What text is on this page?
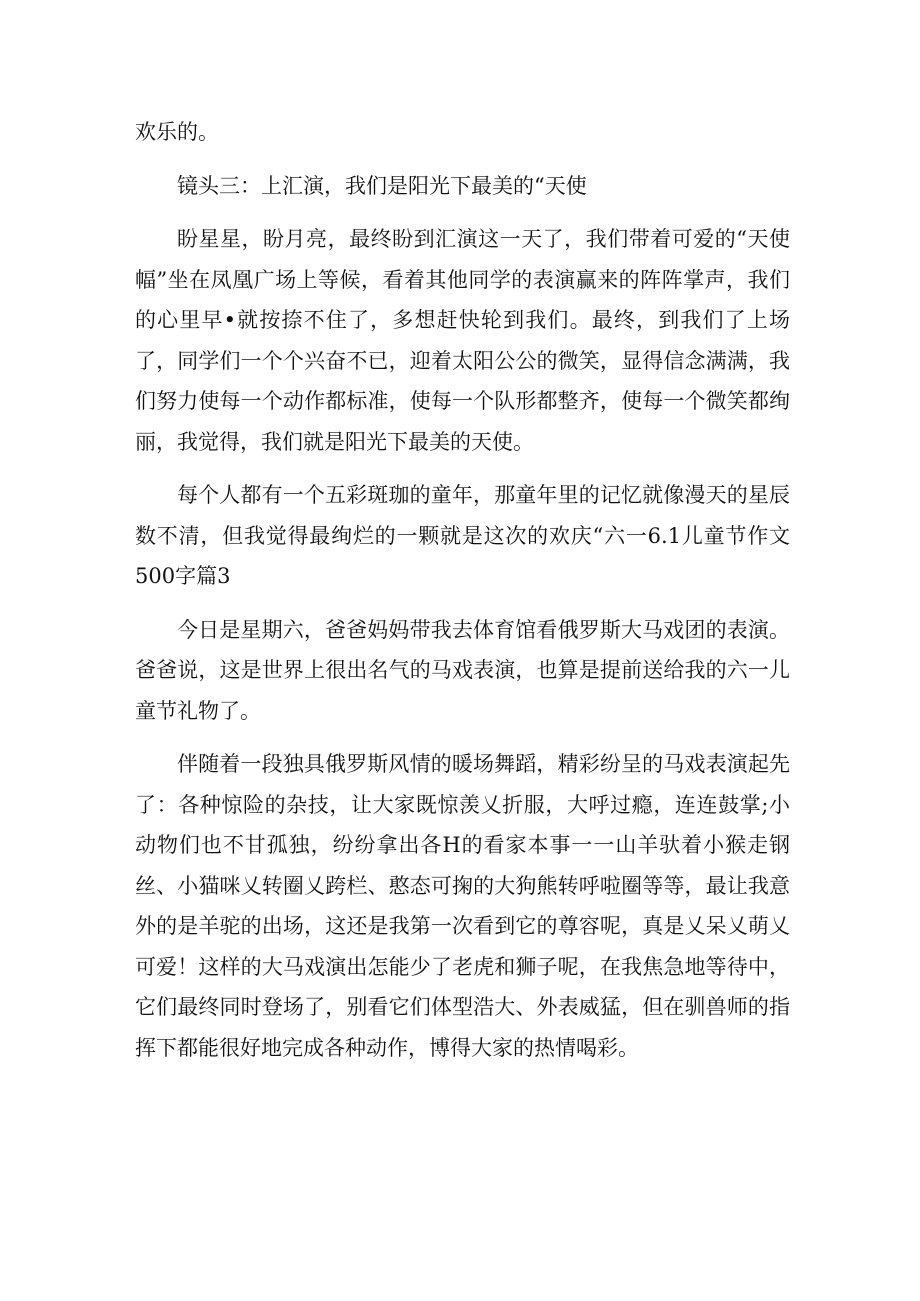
欢乐的。

镜头三：上汇演，我们是阳光下最美的“天使

盼星星，盼月亮，最终盼到汇演这一天了，我们带着可爱的“天使幅”坐在凤凰广场上等候，看着其他同学的表演赢来的阵阵掌声，我们的心里早•就按捺不住了，多想赶快轮到我们。最终，到我们了上场了，同学们一个个兴奋不已，迎着太阳公公的微笑，显得信念满满，我们努力使每一个动作都标准，使每一个队形都整齐，使每一个微笑都绚丽，我觉得，我们就是阳光下最美的天使。

每个人都有一个五彩斑珈的童年，那童年里的记忆就像漫天的星辰数不清，但我觉得最绚烂的一颗就是这次的欢庆“六一6.1儿童节作文500字篇3

今日是星期六，爸爸妈妈带我去体育馆看俄罗斯大马戏团的表演。爸爸说，这是世界上很出名气的马戏表演，也算是提前送给我的六一儿童节礼物了。

伴随着一段独具俄罗斯风情的暖场舞蹈，精彩纷呈的马戏表演起先了：各种惊险的杂技，让大家既惊羡乂折服，大呼过瘾，连连鼓掌;小动物们也不甘孤独，纷纷拿出各H的看家本事一一山羊驮着小猴走钢丝、小猫咪乂转圈乂跨栏、憨态可掬的大狗熊转呼啦圈等等，最让我意外的是羊驼的出场，这还是我第一次看到它的尊容呢，真是乂呆乂萌乂可爱！这样的大马戏演出怎能少了老虎和狮子呢，在我焦急地等待中，它们最终同时登场了，别看它们体型浩大、外表威猛，但在驯兽师的指挥下都能很好地完成各种动作，博得大家的热情喝彩。
